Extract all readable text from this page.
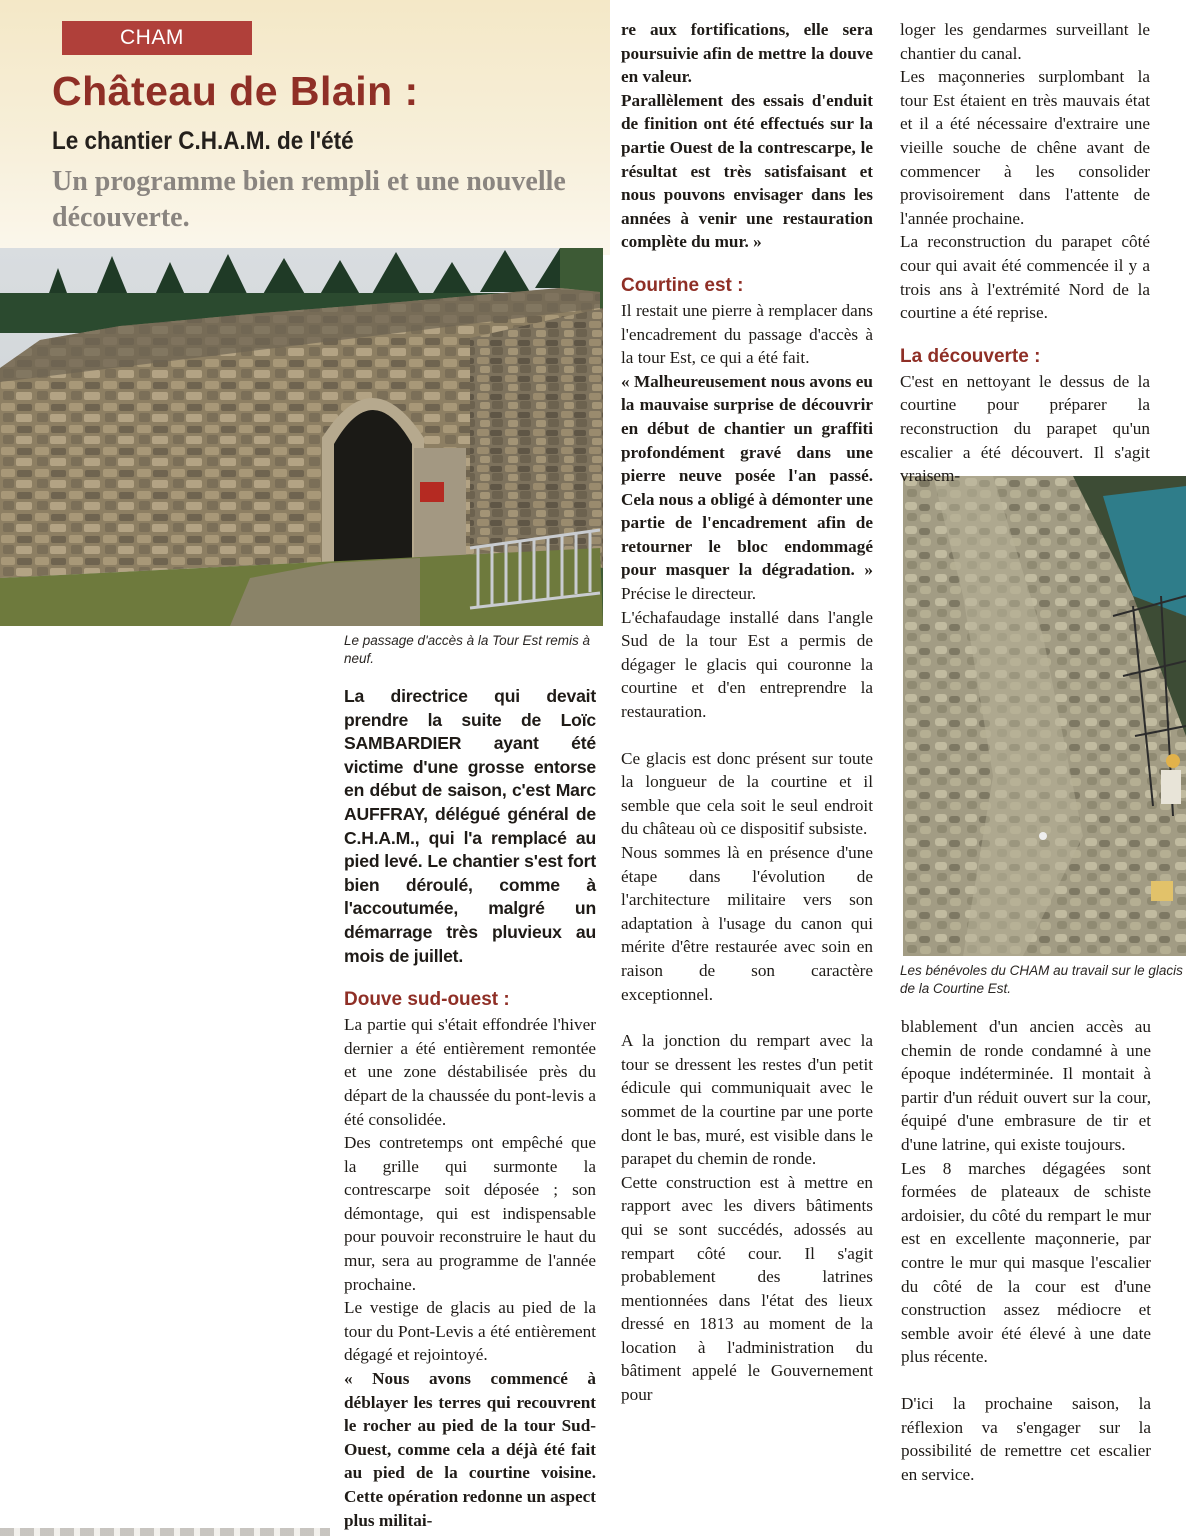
CHAM
Château de Blain :
Le chantier C.H.A.M. de l'été
Un programme bien rempli et une nouvelle découverte.
Le passage d'accès à la Tour Est remis à neuf.
Les bénévoles du CHAM au travail sur le glacis de la Courtine Est.

La directrice qui devait prendre la suite de Loïc SAMBARDIER ayant été victime d'une grosse entorse en début de saison, c'est Marc AUFFRAY, délégué général de C.H.A.M., qui l'a remplacé au pied levé. Le chantier s'est fort bien déroulé, comme à l'accoutumée, malgré un démarrage très pluvieux au mois de juillet.

Douve sud-ouest :

La partie qui s'était effondrée l'hiver dernier a été entièrement remontée et une zone déstabilisée près du départ de la chaussée du pont-levis a été consolidée.

Des contretemps ont empêché que la grille qui surmonte la contrescarpe soit déposée ; son démontage, qui est indispensable pour pouvoir reconstruire le haut du mur, sera au programme de l'année prochaine.

Le vestige de glacis au pied de la tour du Pont-Levis a été entièrement dégagé et rejointoyé.

« Nous avons commencé à déblayer les terres qui recouvrent le rocher au pied de la tour Sud-Ouest, comme cela a déjà été fait au pied de la courtine voisine. Cette opération redonne un aspect plus militai-

re aux fortifications, elle sera poursuivie afin de mettre la douve en valeur.

Parallèlement des essais d'enduit de finition ont été effectués sur la partie Ouest de la contrescarpe, le résultat est très satisfaisant et nous pouvons envisager dans les années à venir une restauration complète du mur. »

Courtine est :

Il restait une pierre à remplacer dans l'encadrement du passage d'accès à la tour Est, ce qui a été fait.

« Malheureusement nous avons eu la mauvaise surprise de découvrir en début de chantier un graffiti profondément gravé dans une pierre neuve posée l'an passé. Cela nous a obligé à démonter une partie de l'encadrement afin de retourner le bloc endommagé pour masquer la dégradation. » Précise le directeur.

L'échafaudage installé dans l'angle Sud de la tour Est a permis de dégager le glacis qui couronne la courtine et d'en entreprendre la restauration.

Ce glacis est donc présent sur toute la longueur de la courtine et il semble que cela soit le seul endroit du château où ce dispositif subsiste.

Nous sommes là en présence d'une étape dans l'évolution de l'architecture militaire vers son adaptation à l'usage du canon qui mérite d'être restaurée avec soin en raison de son caractère exceptionnel.

A la jonction du rempart avec la tour se dressent les restes d'un petit édicule qui communiquait avec le sommet de la courtine par une porte dont le bas, muré, est visible dans le parapet du chemin de ronde.

Cette construction est à mettre en rapport avec les divers bâtiments qui se sont succédés, adossés au rempart côté cour. Il s'agit probablement des latrines mentionnées dans l'état des lieux dressé en 1813 au moment de la location à l'administration du bâtiment appelé le Gouvernement pour

loger les gendarmes surveillant le chantier du canal.

Les maçonneries surplombant la tour Est étaient en très mauvais état et il a été nécessaire d'extraire une vieille souche de chêne avant de commencer à les consolider provisoirement dans l'attente de l'année prochaine.

La reconstruction du parapet côté cour qui avait été commencée il y a trois ans à l'extrémité Nord de la courtine a été reprise.

La découverte :

C'est en nettoyant le dessus de la courtine pour préparer la reconstruction du parapet qu'un escalier a été découvert. Il s'agit vraisem-

blablement d'un ancien accès au chemin de ronde condamné à une époque indéterminée. Il montait à partir d'un réduit ouvert sur la cour, équipé d'une embrasure de tir et d'une latrine, qui existe toujours.

Les 8 marches dégagées sont formées de plateaux de schiste ardoisier, du côté du rempart le mur est en excellente maçonnerie, par contre le mur qui masque l'escalier du côté de la cour est d'une construction assez médiocre et semble avoir été élevé à une date plus récente.

D'ici la prochaine saison, la réflexion va s'engager sur la possibilité de remettre cet escalier en service.
